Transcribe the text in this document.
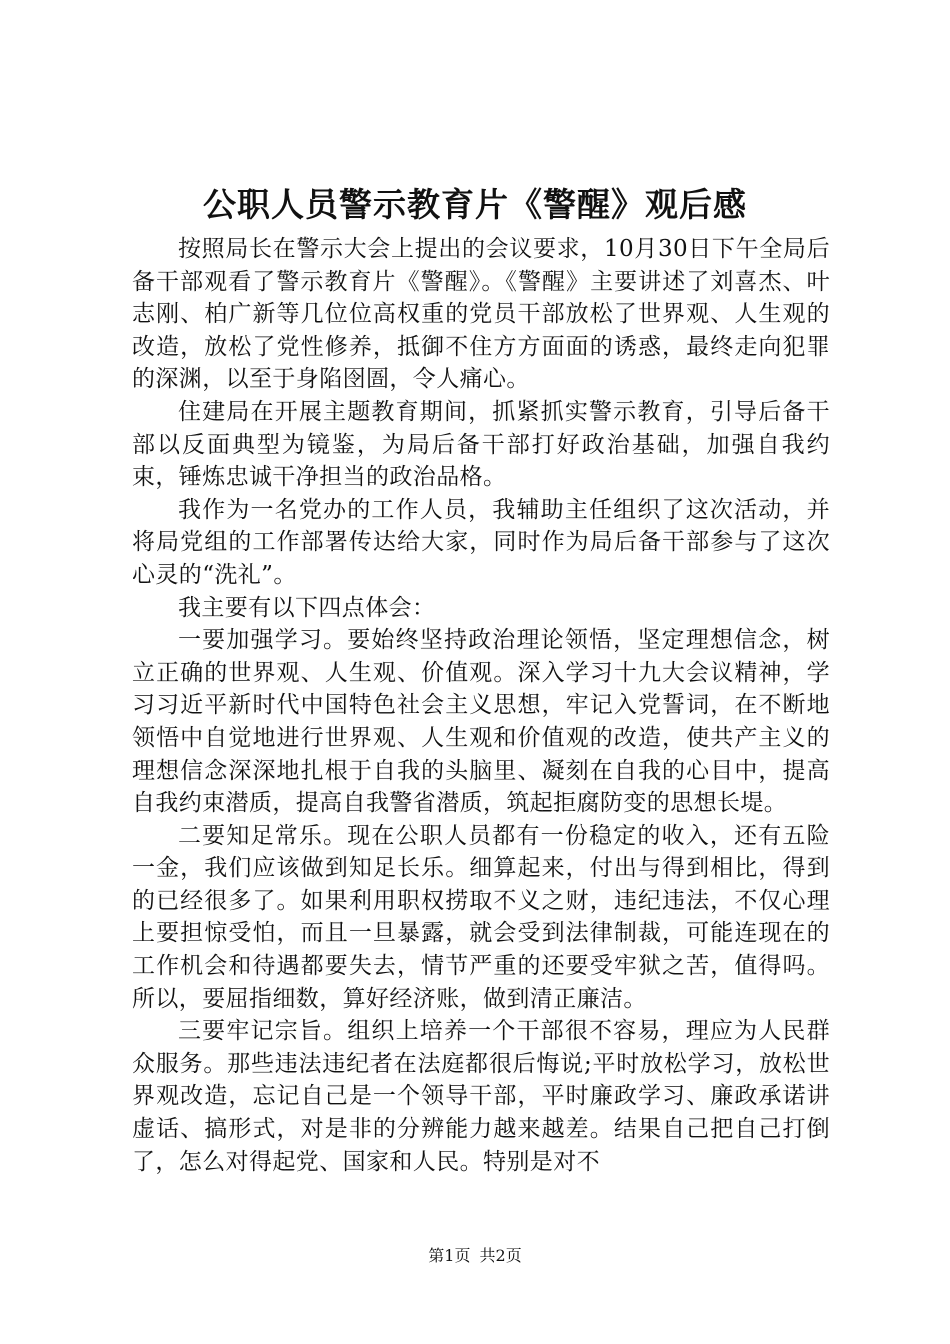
公职人员警示教育片《警醒》观后感

按照局长在警示大会上提出的会议要求，10月30日下午全局后备干部观看了警示教育片《警醒》。《警醒》主要讲述了刘喜杰、叶志刚、柏广新等几位位高权重的党员干部放松了世界观、人生观的改造，放松了党性修养，抵御不住方方面面的诱惑，最终走向犯罪的深渊，以至于身陷囹圄，令人痛心。

住建局在开展主题教育期间，抓紧抓实警示教育，引导后备干部以反面典型为镜鉴，为局后备干部打好政治基础，加强自我约束，锤炼忠诚干净担当的政治品格。

我作为一名党办的工作人员，我辅助主任组织了这次活动，并将局党组的工作部署传达给大家，同时作为局后备干部参与了这次心灵的“洗礼”。

我主要有以下四点体会：

一要加强学习。要始终坚持政治理论领悟，坚定理想信念，树立正确的世界观、人生观、价值观。深入学习十九大会议精神，学习习近平新时代中国特色社会主义思想，牢记入党誓词，在不断地领悟中自觉地进行世界观、人生观和价值观的改造，使共产主义的理想信念深深地扎根于自我的头脑里、凝刻在自我的心目中，提高自我约束潜质，提高自我警省潜质，筑起拒腐防变的思想长堤。

二要知足常乐。现在公职人员都有一份稳定的收入，还有五险一金，我们应该做到知足长乐。细算起来，付出与得到相比，得到的已经很多了。如果利用职权捞取不义之财，违纪违法，不仅心理上要担惊受怕，而且一旦暴露，就会受到法律制裁，可能连现在的工作机会和待遇都要失去，情节严重的还要受牢狱之苦，值得吗。所以，要屈指细数，算好经济账，做到清正廉洁。

三要牢记宗旨。组织上培养一个干部很不容易，理应为人民群众服务。那些违法违纪者在法庭都很后悔说;平时放松学习，放松世界观改造，忘记自己是一个领导干部，平时廉政学习、廉政承诺讲虚话、搞形式，对是非的分辨能力越来越差。结果自己把自己打倒了，怎么对得起党、国家和人民。特别是对不

第1页 共2页
